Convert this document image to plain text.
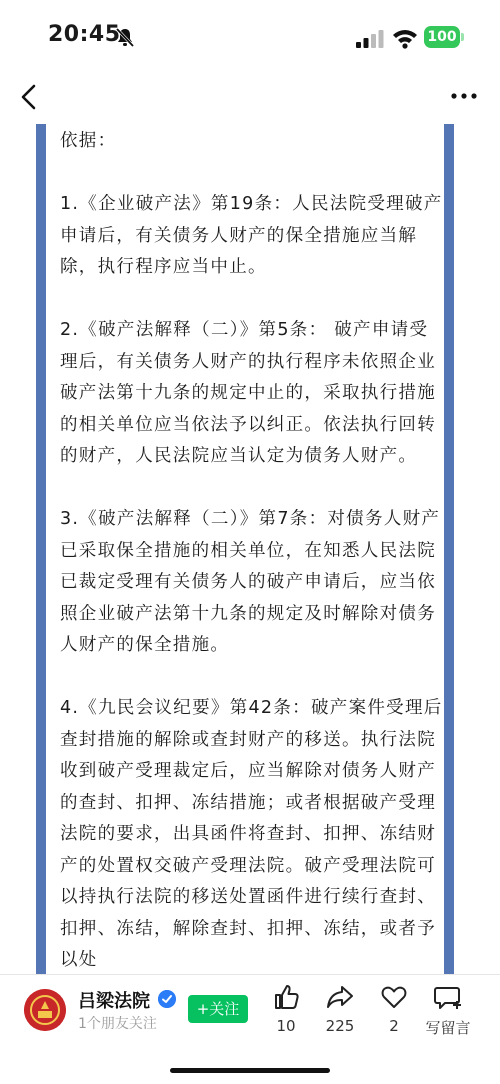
20:45	100

依据：

1.《企业破产法》第19条：人民法院受理破产申请后，有关债务人财产的保全措施应当解除，执行程序应当中止。

2.《破产法解释（二）》第5条： 破产申请受理后，有关债务人财产的执行程序未依照企业破产法第十九条的规定中止的，采取执行措施的相关单位应当依法予以纠正。依法执行回转的财产，人民法院应当认定为债务人财产。

3.《破产法解释（二）》第7条：对债务人财产已采取保全措施的相关单位，在知悉人民法院已裁定受理有关债务人的破产申请后，应当依照企业破产法第十九条的规定及时解除对债务人财产的保全措施。

4.《九民会议纪要》第42条：破产案件受理后查封措施的解除或查封财产的移送。执行法院收到破产受理裁定后，应当解除对债务人财产的查封、扣押、冻结措施；或者根据破产受理法院的要求，出具函件将查封、扣押、冻结财产的处置权交破产受理法院。破产受理法院可以持执行法院的移送处置函件进行续行查封、扣押、冻结，解除查封、扣押、冻结，或者予以处

吕梁法院
1个朋友关注
+关注
10	225	2	写留言
